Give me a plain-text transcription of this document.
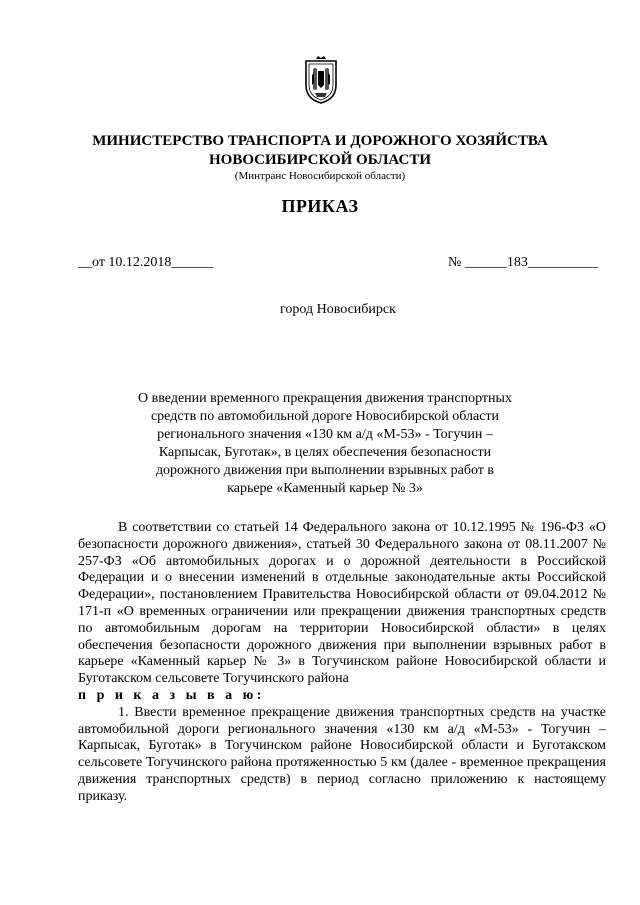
МИНИСТЕРСТВО ТРАНСПОРТА И ДОРОЖНОГО ХОЗЯЙСТВА
НОВОСИБИРСКОЙ ОБЛАСТИ
(Минтранс Новосибирской области)
ПРИКАЗ
__от 10.12.2018______	№ ______183__________
город Новосибирск
О введении временного прекращения движения транспортных
средств по автомобильной дороге Новосибирской области
регионального значения «130 км а/д «М-53» - Тогучин –
Карпысак, Буготак», в целях обеспечения безопасности
дорожного движения при выполнении взрывных работ в
карьере «Каменный карьер № 3»

В соответствии со статьей 14 Федерального закона от 10.12.1995 № 196-ФЗ «О безопасности дорожного движения», статьей 30 Федерального закона от 08.11.2007 № 257-ФЗ «Об автомобильных дорогах и о дорожной деятельности в Российской Федерации и о внесении изменений в отдельные законодательные акты Российской Федерации», постановлением Правительства Новосибирской области от 09.04.2012 № 171-п «О временных ограничении или прекращении движения транспортных средств по автомобильным дорогам на территории Новосибирской области» в целях обеспечения безопасности дорожного движения при выполнении взрывных работ в карьере «Каменный карьер № 3» в Тогучинском районе Новосибирской области и Буготакском сельсовете Тогучинского района

п р и к а з ы в а ю:

1. Ввести временное прекращение движения транспортных средств на участке автомобильной дороги регионального значения «130 км а/д «М-53» - Тогучин – Карпысак, Буготак» в Тогучинском районе Новосибирской области и Буготакском сельсовете Тогучинского района протяженностью 5 км (далее - временное прекращения движения транспортных средств) в период согласно приложению к настоящему приказу.
